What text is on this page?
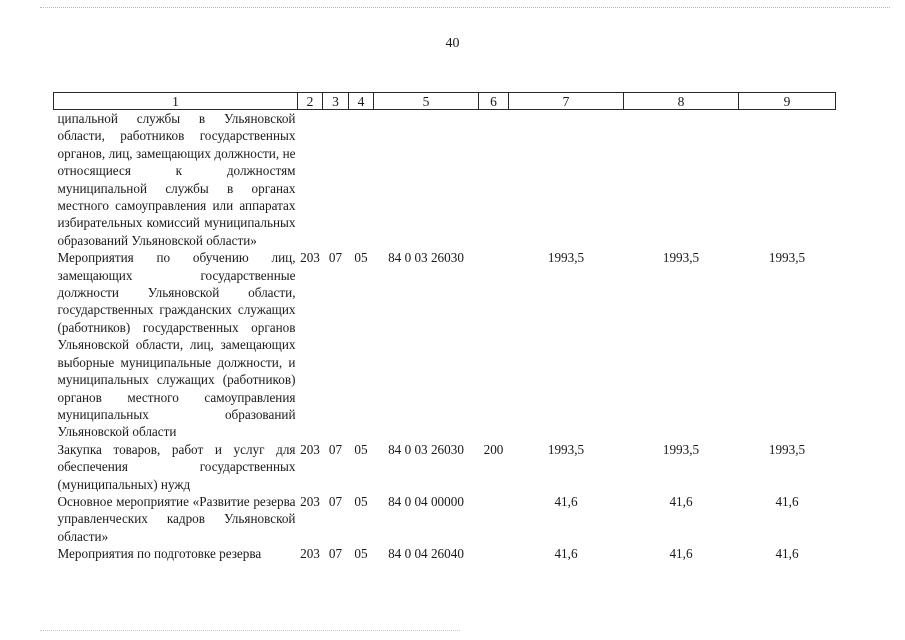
40
1	2	3	4	5	6	7	8	9
ципальной службы в Ульяновской области, работников государственных органов, лиц, замещающих должности, не относящиеся к должностям муниципальной службы в органах местного самоуправления или аппаратах избирательных комиссий муниципальных образований Ульяновской области»								
Мероприятия по обучению лиц, замещающих государственные должности Ульяновской области, государственных гражданских служащих (работников) государственных органов Ульяновской области, лиц, замещающих выборные муниципальные должности, и муниципальных служащих (работников) органов местного самоуправления муниципальных образований Ульяновской области	203	07	05	84 0 03 26030		1993,5	1993,5	1993,5
Закупка товаров, работ и услуг для обеспечения государственных (муниципальных) нужд	203	07	05	84 0 03 26030	200	1993,5	1993,5	1993,5
Основное мероприятие «Развитие резерва управленческих кадров Ульяновской области»	203	07	05	84 0 04 00000		41,6	41,6	41,6
Мероприятия по подготовке резерва	203	07	05	84 0 04 26040		41,6	41,6	41,6
